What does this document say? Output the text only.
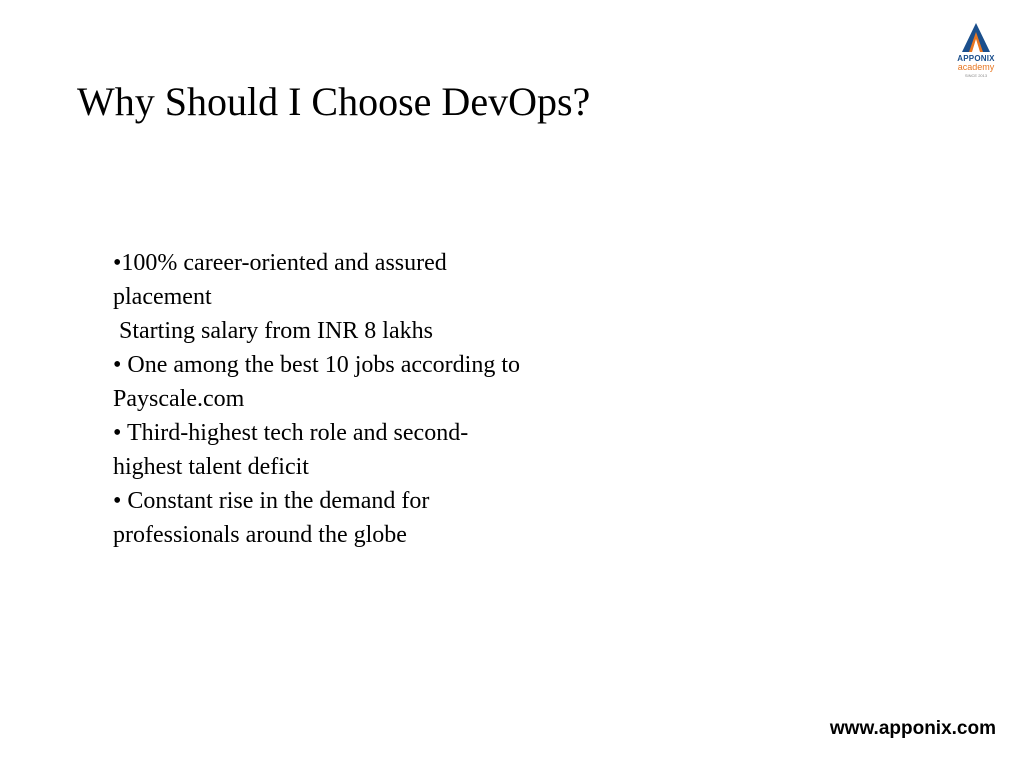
APPONIX
academy
SINCE 2013
Why Should I Choose DevOps?
•100% career-oriented and assured
placement
Starting salary from INR 8 lakhs
• One among the best 10 jobs according to
Payscale.com
• Third-highest tech role and second-
highest talent deficit
• Constant rise in the demand for
professionals around the globe
www.apponix.com
